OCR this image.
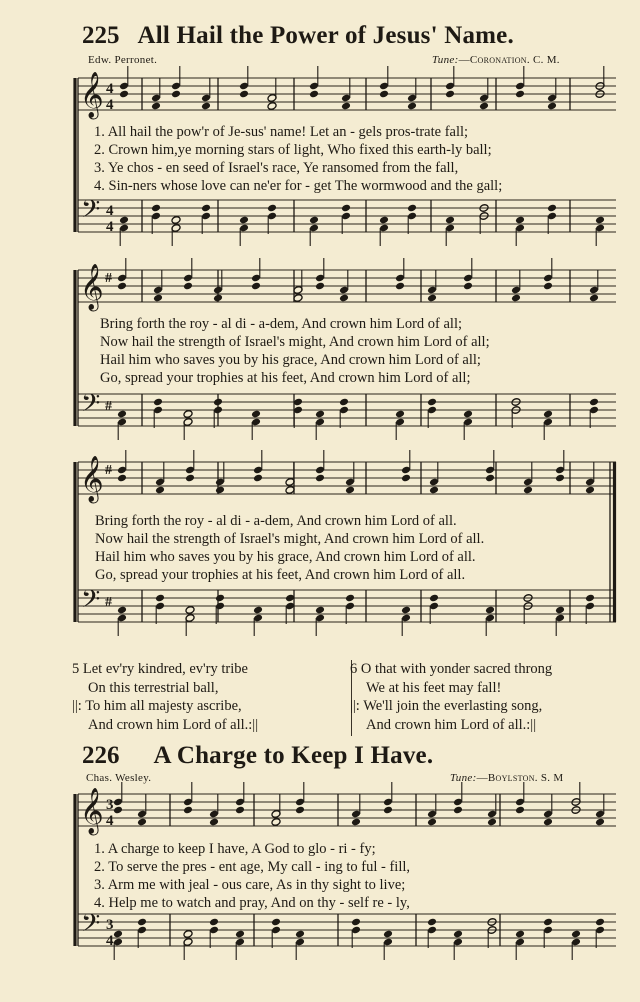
225 All Hail the Power of Jesus' Name.
Edw. Perronet.	Tune:—Coronation. C. M.
𝄞
𝄢
4
4
4
4
1. All hail the pow'r of Je-sus' name! Let an - gels pros-trate fall;
2. Crown him,ye morning stars of light, Who fixed this earth-ly ball;
3. Ye chos - en seed of Israel's race, Ye ransomed from the fall,
4. Sin-ners whose love can ne'er for - get The wormwood and the gall;
𝄞
𝄢
#
#
Bring forth the roy - al di - a-dem, And crown him Lord of all;
Now hail the strength of Israel's might, And crown him Lord of all;
Hail him who saves you by his grace, And crown him Lord of all;
Go, spread your trophies at his feet, And crown him Lord of all;
𝄞
𝄢
#
#
Bring forth the roy - al di - a-dem, And crown him Lord of all.
Now hail the strength of Israel's might, And crown him Lord of all.
Hail him who saves you by his grace, And crown him Lord of all.
Go, spread your trophies at his feet, And crown him Lord of all.
5 Let ev'ry kindred, ev'ry tribe
On this terrestrial ball,
||: To him all majesty ascribe,
And crown him Lord of all.:||
6 O that with yonder sacred throng
We at his feet may fall!
||: We'll join the everlasting song,
And crown him Lord of all.:||
226 A Charge to Keep I Have.
Chas. Wesley.	Tune:—Boylston. S. M
𝄞
𝄢
3
4
3
4
1. A charge to keep I have, A God to glo - ri - fy;
2. To serve the pres - ent age, My call - ing to ful - fill,
3. Arm me with jeal - ous care, As in thy sight to live;
4. Help me to watch and pray, And on thy - self re - ly,
